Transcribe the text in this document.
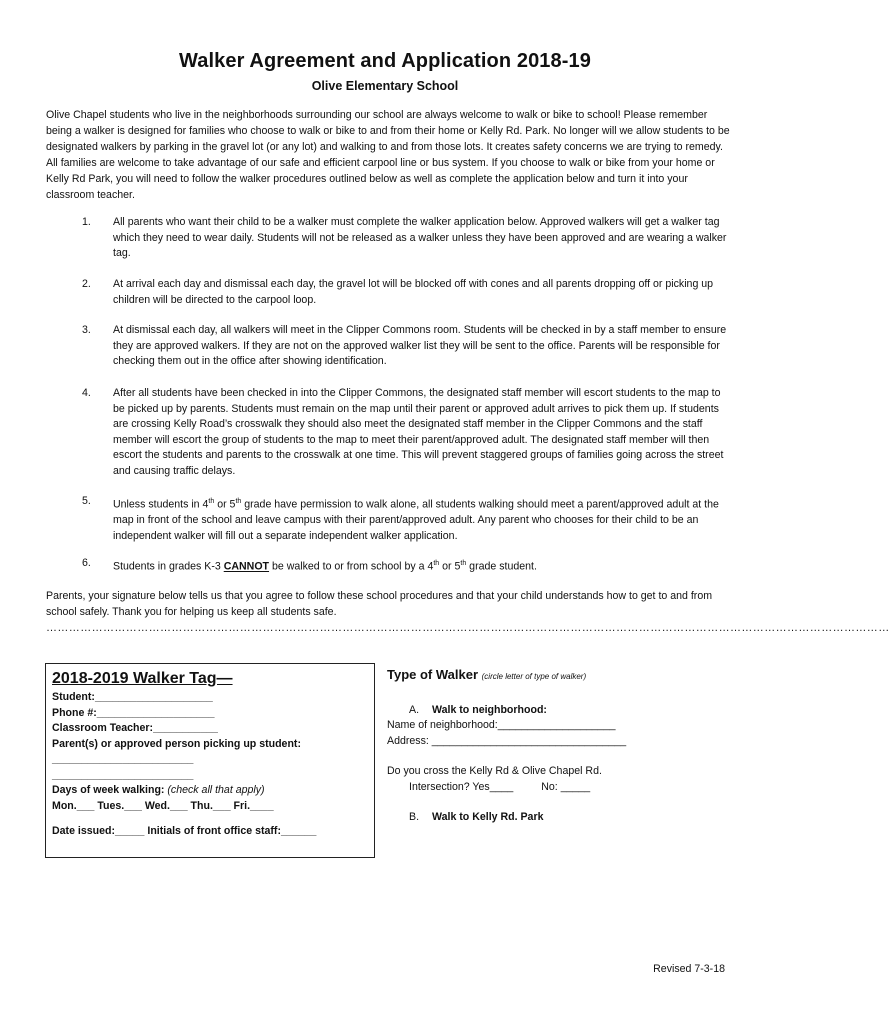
Walker Agreement and Application 2018-19
Olive Elementary School

Olive Chapel students who live in the neighborhoods surrounding our school are always welcome to walk or bike to school! Please remember being a walker is designed for families who choose to walk or bike to and from their home or Kelly Rd. Park. No longer will we allow students to be designated walkers by parking in the gravel lot (or any lot) and walking to and from those lots. It creates safety concerns we are trying to remedy. All families are welcome to take advantage of our safe and efficient carpool line or bus system. If you choose to walk or bike from your home or Kelly Rd Park, you will need to follow the walker procedures outlined below as well as complete the application below and turn it into your classroom teacher.

1.	All parents who want their child to be a walker must complete the walker application below. Approved walkers will get a walker tag which they need to wear daily. Students will not be released as a walker unless they have been approved and are wearing a walker tag.
2.	At arrival each day and dismissal each day, the gravel lot will be blocked off with cones and all parents dropping off or picking up children will be directed to the carpool loop.
3.	At dismissal each day, all walkers will meet in the Clipper Commons room. Students will be checked in by a staff member to ensure they are approved walkers. If they are not on the approved walker list they will be sent to the office. Parents will be responsible for checking them out in the office after showing identification.
4.	After all students have been checked in into the Clipper Commons, the designated staff member will escort students to the map to be picked up by parents. Students must remain on the map until their parent or approved adult arrives to pick them up. If students are crossing Kelly Road’s crosswalk they should also meet the designated staff member in the Clipper Commons and the staff member will escort the group of students to the map to meet their parent/approved adult. The designated staff member will then escort the students and parents to the crosswalk at one time. This will prevent staggered groups of families going across the street and causing traffic delays.
5.	Unless students in 4th or 5th grade have permission to walk alone, all students walking should meet a parent/approved adult at the map in front of the school and leave campus with their parent/approved adult. Any parent who chooses for their child to be an independent walker will fill out a separate independent walker application.
6.	Students in grades K-3 CANNOT be walked to or from school by a 4th or 5th grade student.

Parents, your signature below tells us that you agree to follow these school procedures and that your child understands how to get to and from school safely. Thank you for helping us keep all students safe.

……………………………………………………………………………………………………………………………………………………………………………………………………
2018-2019 Walker Tag—
Student:____________________
Phone #:____________________
Classroom Teacher:___________
Parent(s) or approved person picking up student:
________________________
________________________
Days of week walking: (check all that apply)
Mon.___ Tues.___ Wed.___ Thu.___ Fri.____
Date issued:_____ Initials of front office staff:______
Type of Walker (circle letter of type of walker)
A.	Walk to neighborhood:
Name of neighborhood:____________________
Address: _________________________________
Do you cross the Kelly Rd & Olive Chapel Rd.
Intersection? Yes____	No: _____
B.	Walk to Kelly Rd. Park
Revised 7-3-18
